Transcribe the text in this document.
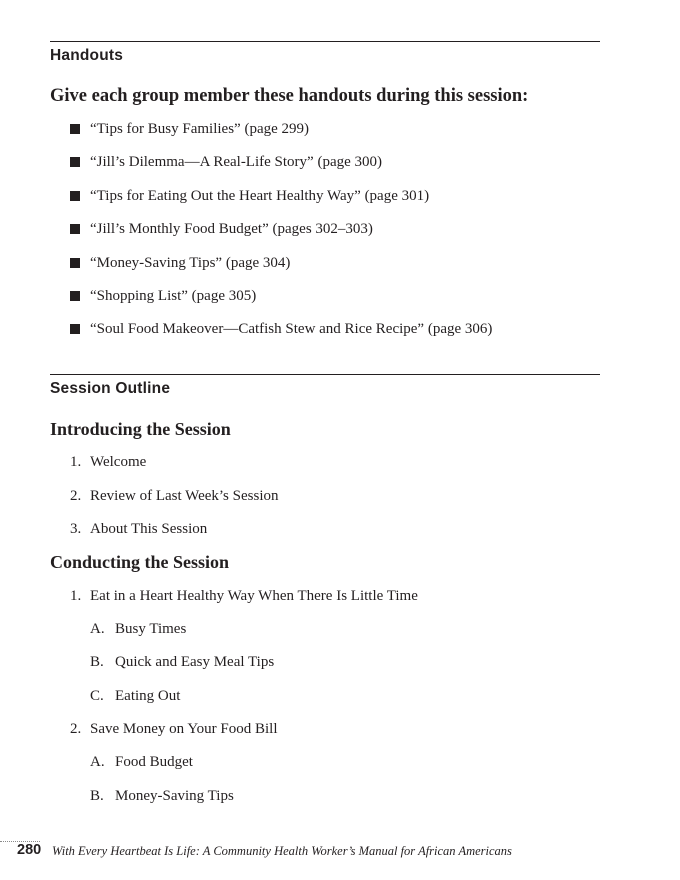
Handouts

Give each group member these handouts during this session:

“Tips for Busy Families” (page 299)
“Jill’s Dilemma—A Real-Life Story” (page 300)
“Tips for Eating Out the Heart Healthy Way” (page 301)
“Jill’s Monthly Food Budget” (pages 302–303)
“Money-Saving Tips” (page 304)
“Shopping List” (page 305)
“Soul Food Makeover—Catfish Stew and Rice Recipe” (page 306)
Session Outline
Introducing the Session

1. Welcome

2. Review of Last Week’s Session

3. About This Session

Conducting the Session

1. Eat in a Heart Healthy Way When There Is Little Time

A. Busy Times

B. Quick and Easy Meal Tips

C. Eating Out

2. Save Money on Your Food Bill

A. Food Budget

B. Money-Saving Tips

280 With Every Heartbeat Is Life: A Community Health Worker’s Manual for African Americans
